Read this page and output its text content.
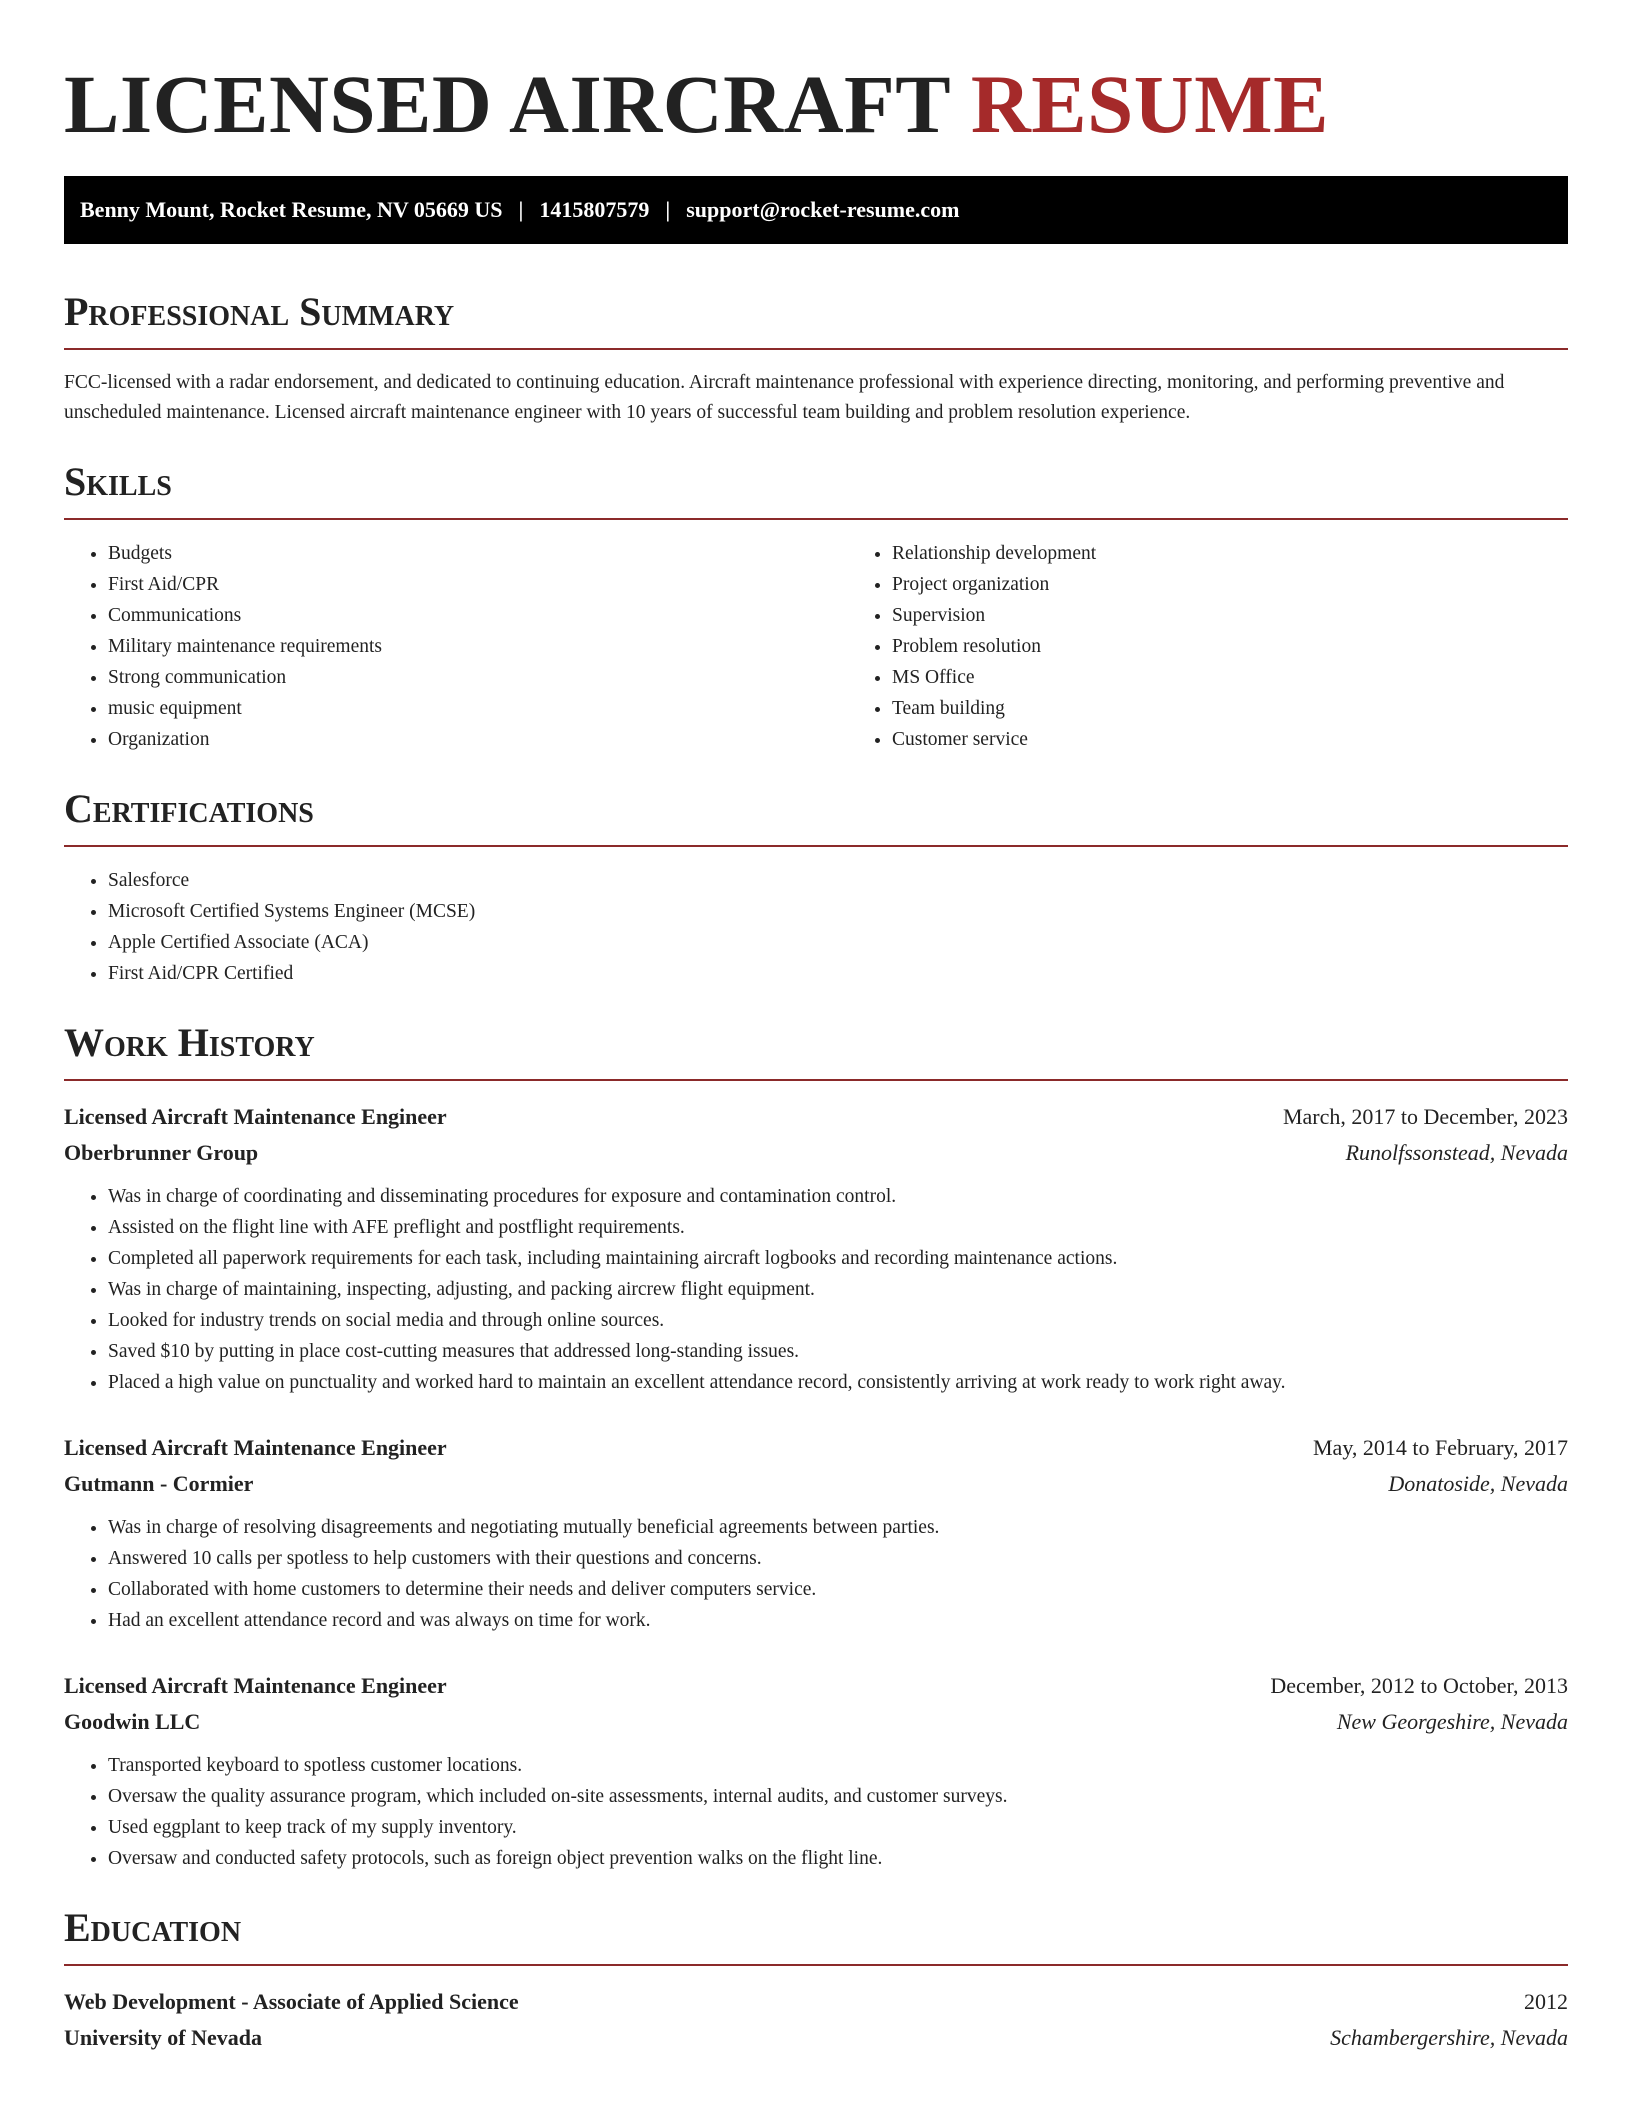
LICENSED AIRCRAFT RESUME
Benny Mount, Rocket Resume, NV 05669 US | 1415807579 | support@rocket-resume.com
Professional Summary

FCC-licensed with a radar endorsement, and dedicated to continuing education. Aircraft maintenance professional with experience directing, monitoring, and performing preventive and unscheduled maintenance. Licensed aircraft maintenance engineer with 10 years of successful team building and problem resolution experience.

Skills
• Budgets
• First Aid/CPR
• Communications
• Military maintenance requirements
• Strong communication
• music equipment
• Organization
• Relationship development
• Project organization
• Supervision
• Problem resolution
• MS Office
• Team building
• Customer service
Certifications
• Salesforce
• Microsoft Certified Systems Engineer (MCSE)
• Apple Certified Associate (ACA)
• First Aid/CPR Certified
Work History
Licensed Aircraft Maintenance Engineer	March, 2017 to December, 2023
Oberbrunner Group	Runolfssonstead, Nevada
• Was in charge of coordinating and disseminating procedures for exposure and contamination control.
• Assisted on the flight line with AFE preflight and postflight requirements.
• Completed all paperwork requirements for each task, including maintaining aircraft logbooks and recording maintenance actions.
• Was in charge of maintaining, inspecting, adjusting, and packing aircrew flight equipment.
• Looked for industry trends on social media and through online sources.
• Saved $10 by putting in place cost-cutting measures that addressed long-standing issues.
• Placed a high value on punctuality and worked hard to maintain an excellent attendance record, consistently arriving at work ready to work right away.
Licensed Aircraft Maintenance Engineer	May, 2014 to February, 2017
Gutmann - Cormier	Donatoside, Nevada
• Was in charge of resolving disagreements and negotiating mutually beneficial agreements between parties.
• Answered 10 calls per spotless to help customers with their questions and concerns.
• Collaborated with home customers to determine their needs and deliver computers service.
• Had an excellent attendance record and was always on time for work.
Licensed Aircraft Maintenance Engineer	December, 2012 to October, 2013
Goodwin LLC	New Georgeshire, Nevada
• Transported keyboard to spotless customer locations.
• Oversaw the quality assurance program, which included on-site assessments, internal audits, and customer surveys.
• Used eggplant to keep track of my supply inventory.
• Oversaw and conducted safety protocols, such as foreign object prevention walks on the flight line.
Education
Web Development - Associate of Applied Science	2012
University of Nevada	Schambergershire, Nevada
